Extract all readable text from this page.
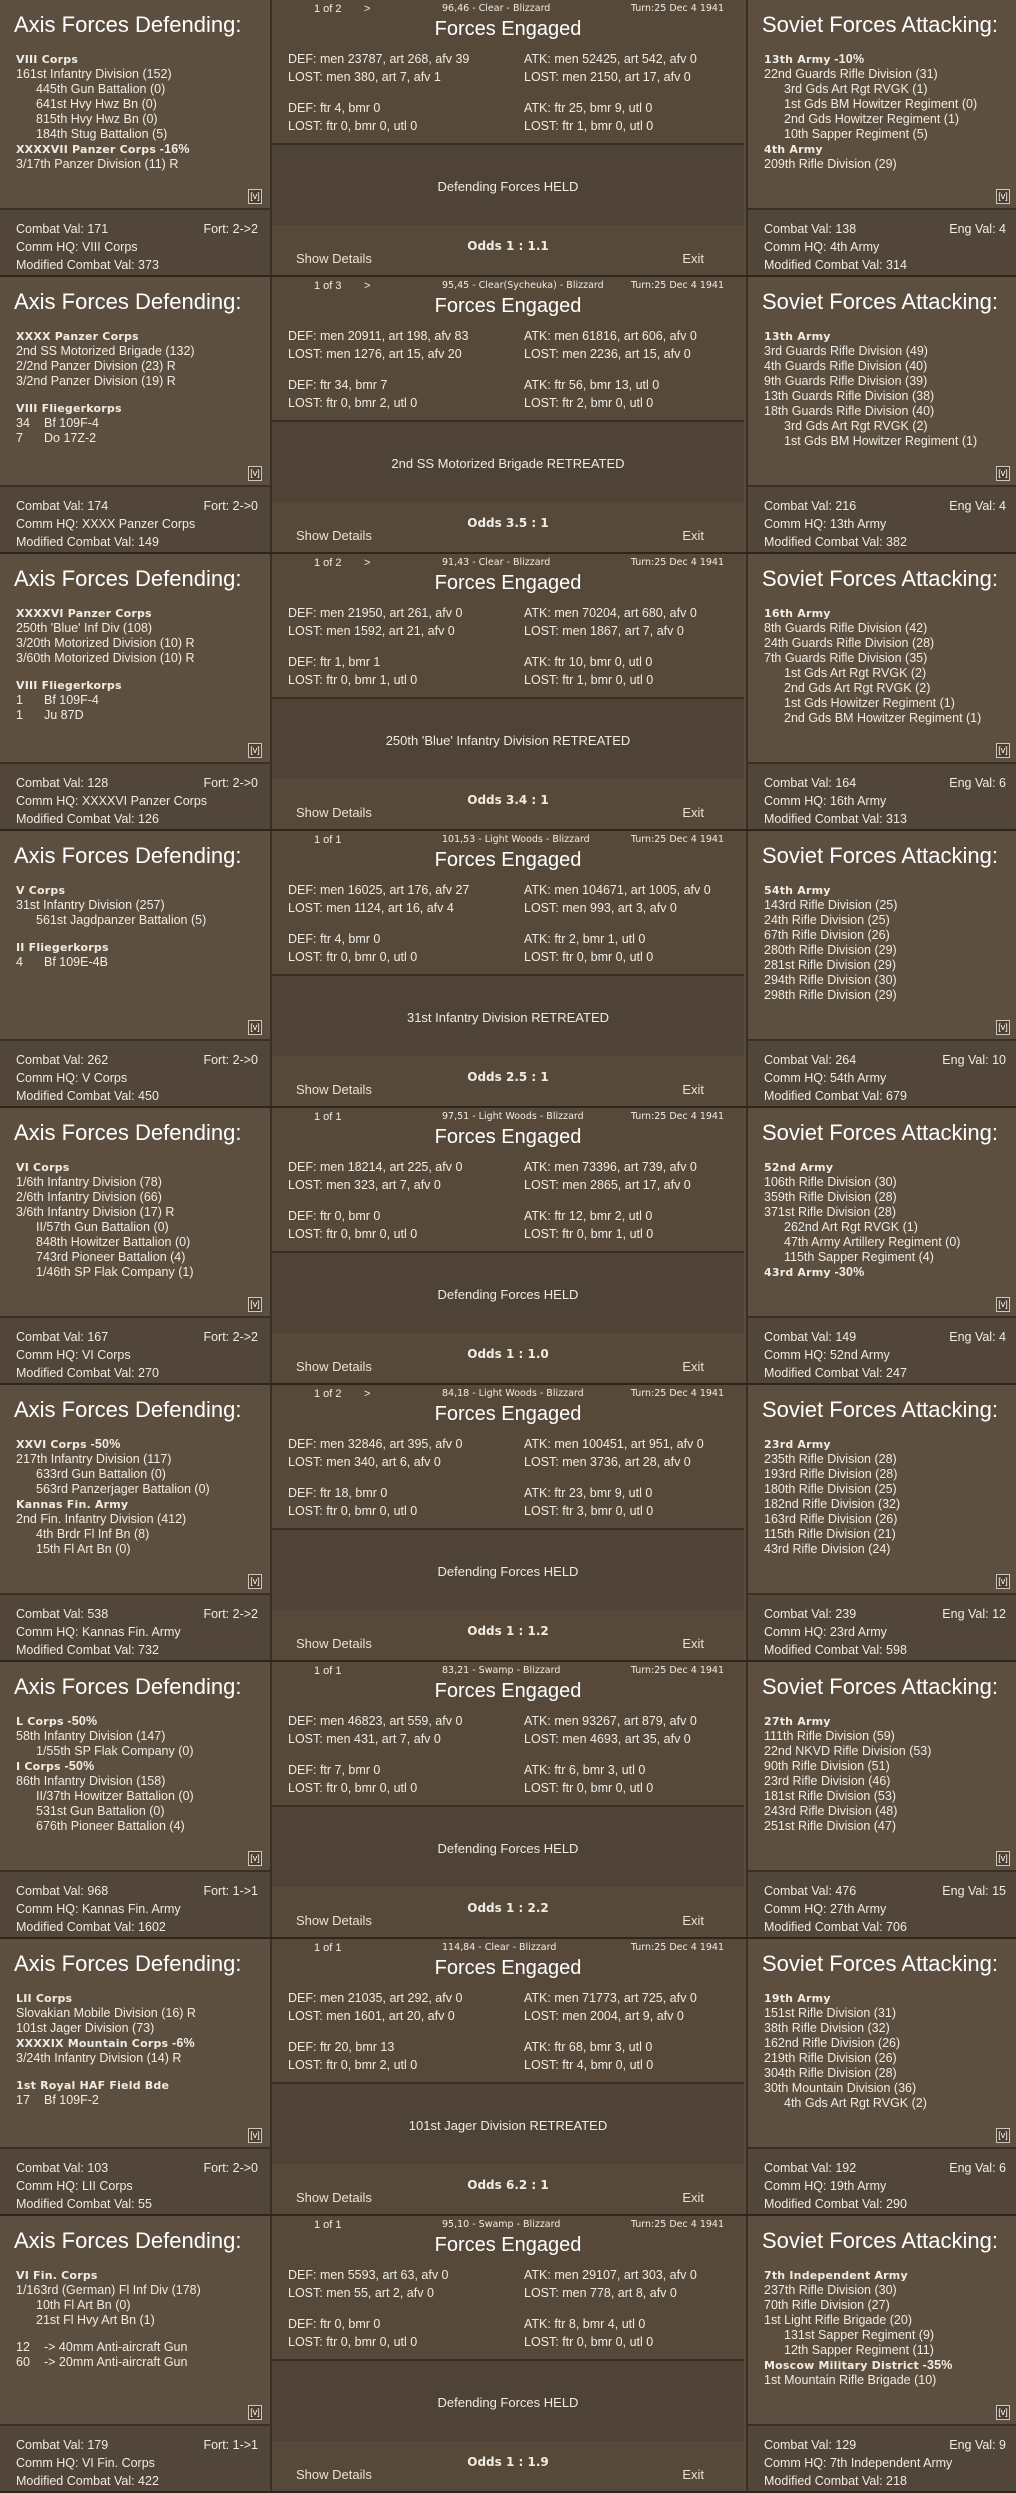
Axis Forces Defending:
VIII Corps
161st Infantry Division (152)
445th Gun Battalion (0)
641st Hvy Hwz Bn (0)
815th Hvy Hwz Bn (0)
184th Stug Battalion (5)
XXXXVII Panzer Corps -16%
3/17th Panzer Division (11) R
[v]
Combat Val: 171	Fort: 2->2
Comm HQ: VIII Corps
Modified Combat Val: 373
1 of 2 >	96,46 - Clear - Blizzard	Turn:25 Dec 4 1941
Forces Engaged
DEF: men 23787, art 268, afv 39	ATK: men 52425, art 542, afv 0
LOST: men 380, art 7, afv 1	LOST: men 2150, art 17, afv 0
DEF: ftr 4, bmr 0	ATK: ftr 25, bmr 9, utl 0
LOST: ftr 0, bmr 0, utl 0	LOST: ftr 1, bmr 0, utl 0
Defending Forces HELD
Show Details
Odds 1 : 1.1
Exit
Soviet Forces Attacking:
13th Army -10%
22nd Guards Rifle Division (31)
3rd Gds Art Rgt RVGK (1)
1st Gds BM Howitzer Regiment (0)
2nd Gds Howitzer Regiment (1)
10th Sapper Regiment (5)
4th Army
209th Rifle Division (29)
[v]
Combat Val: 138	Eng Val: 4
Comm HQ: 4th Army
Modified Combat Val: 314
Axis Forces Defending:
XXXX Panzer Corps
2nd SS Motorized Brigade (132)
2/2nd Panzer Division (23) R
3/2nd Panzer Division (19) R
VIII Fliegerkorps
34	Bf 109F-4
7	Do 17Z-2
[v]
Combat Val: 174	Fort: 2->0
Comm HQ: XXXX Panzer Corps
Modified Combat Val: 149
1 of 3 >	95,45 - Clear(Sycheuka) - Blizzard	Turn:25 Dec 4 1941
Forces Engaged
DEF: men 20911, art 198, afv 83	ATK: men 61816, art 606, afv 0
LOST: men 1276, art 15, afv 20	LOST: men 2236, art 15, afv 0
DEF: ftr 34, bmr 7	ATK: ftr 56, bmr 13, utl 0
LOST: ftr 0, bmr 2, utl 0	LOST: ftr 2, bmr 0, utl 0
2nd SS Motorized Brigade RETREATED
Show Details
Odds 3.5 : 1
Exit
Soviet Forces Attacking:
13th Army
3rd Guards Rifle Division (49)
4th Guards Rifle Division (40)
9th Guards Rifle Division (39)
13th Guards Rifle Division (38)
18th Guards Rifle Division (40)
3rd Gds Art Rgt RVGK (2)
1st Gds BM Howitzer Regiment (1)
[v]
Combat Val: 216	Eng Val: 4
Comm HQ: 13th Army
Modified Combat Val: 382
Axis Forces Defending:
XXXXVI Panzer Corps
250th 'Blue' Inf Div (108)
3/20th Motorized Division (10) R
3/60th Motorized Division (10) R
VIII Fliegerkorps
1	Bf 109F-4
1	Ju 87D
[v]
Combat Val: 128	Fort: 2->0
Comm HQ: XXXXVI Panzer Corps
Modified Combat Val: 126
1 of 2 >	91,43 - Clear - Blizzard	Turn:25 Dec 4 1941
Forces Engaged
DEF: men 21950, art 261, afv 0	ATK: men 70204, art 680, afv 0
LOST: men 1592, art 21, afv 0	LOST: men 1867, art 7, afv 0
DEF: ftr 1, bmr 1	ATK: ftr 10, bmr 0, utl 0
LOST: ftr 0, bmr 1, utl 0	LOST: ftr 1, bmr 0, utl 0
250th 'Blue' Infantry Division RETREATED
Show Details
Odds 3.4 : 1
Exit
Soviet Forces Attacking:
16th Army
8th Guards Rifle Division (42)
24th Guards Rifle Division (28)
7th Guards Rifle Division (35)
1st Gds Art Rgt RVGK (2)
2nd Gds Art Rgt RVGK (2)
1st Gds Howitzer Regiment (1)
2nd Gds BM Howitzer Regiment (1)
[v]
Combat Val: 164	Eng Val: 6
Comm HQ: 16th Army
Modified Combat Val: 313
Axis Forces Defending:
V Corps
31st Infantry Division (257)
561st Jagdpanzer Battalion (5)
II Fliegerkorps
4	Bf 109E-4B
[v]
Combat Val: 262	Fort: 2->0
Comm HQ: V Corps
Modified Combat Val: 450
1 of 1	101,53 - Light Woods - Blizzard	Turn:25 Dec 4 1941
Forces Engaged
DEF: men 16025, art 176, afv 27	ATK: men 104671, art 1005, afv 0
LOST: men 1124, art 16, afv 4	LOST: men 993, art 3, afv 0
DEF: ftr 4, bmr 0	ATK: ftr 2, bmr 1, utl 0
LOST: ftr 0, bmr 0, utl 0	LOST: ftr 0, bmr 0, utl 0
31st Infantry Division RETREATED
Show Details
Odds 2.5 : 1
Exit
Soviet Forces Attacking:
54th Army
143rd Rifle Division (25)
24th Rifle Division (25)
67th Rifle Division (26)
280th Rifle Division (29)
281st Rifle Division (29)
294th Rifle Division (30)
298th Rifle Division (29)
[v]
Combat Val: 264	Eng Val: 10
Comm HQ: 54th Army
Modified Combat Val: 679
Axis Forces Defending:
VI Corps
1/6th Infantry Division (78)
2/6th Infantry Division (66)
3/6th Infantry Division (17) R
II/57th Gun Battalion (0)
848th Howitzer Battalion (0)
743rd Pioneer Battalion (4)
1/46th SP Flak Company (1)
[v]
Combat Val: 167	Fort: 2->2
Comm HQ: VI Corps
Modified Combat Val: 270
1 of 1	97,51 - Light Woods - Blizzard	Turn:25 Dec 4 1941
Forces Engaged
DEF: men 18214, art 225, afv 0	ATK: men 73396, art 739, afv 0
LOST: men 323, art 7, afv 0	LOST: men 2865, art 17, afv 0
DEF: ftr 0, bmr 0	ATK: ftr 12, bmr 2, utl 0
LOST: ftr 0, bmr 0, utl 0	LOST: ftr 0, bmr 1, utl 0
Defending Forces HELD
Show Details
Odds 1 : 1.0
Exit
Soviet Forces Attacking:
52nd Army
106th Rifle Division (30)
359th Rifle Division (28)
371st Rifle Division (28)
262nd Art Rgt RVGK (1)
47th Army Artillery Regiment (0)
115th Sapper Regiment (4)
43rd Army -30%
[v]
Combat Val: 149	Eng Val: 4
Comm HQ: 52nd Army
Modified Combat Val: 247
Axis Forces Defending:
XXVI Corps -50%
217th Infantry Division (117)
633rd Gun Battalion (0)
563rd Panzerjager Battalion (0)
Kannas Fin. Army
2nd Fin. Infantry Division (412)
4th Brdr Fl Inf Bn (8)
15th Fl Art Bn (0)
[v]
Combat Val: 538	Fort: 2->2
Comm HQ: Kannas Fin. Army
Modified Combat Val: 732
1 of 2 >	84,18 - Light Woods - Blizzard	Turn:25 Dec 4 1941
Forces Engaged
DEF: men 32846, art 395, afv 0	ATK: men 100451, art 951, afv 0
LOST: men 340, art 6, afv 0	LOST: men 3736, art 28, afv 0
DEF: ftr 18, bmr 0	ATK: ftr 23, bmr 9, utl 0
LOST: ftr 0, bmr 0, utl 0	LOST: ftr 3, bmr 0, utl 0
Defending Forces HELD
Show Details
Odds 1 : 1.2
Exit
Soviet Forces Attacking:
23rd Army
235th Rifle Division (28)
193rd Rifle Division (28)
180th Rifle Division (25)
182nd Rifle Division (32)
163rd Rifle Division (26)
115th Rifle Division (21)
43rd Rifle Division (24)
[v]
Combat Val: 239	Eng Val: 12
Comm HQ: 23rd Army
Modified Combat Val: 598
Axis Forces Defending:
L Corps -50%
58th Infantry Division (147)
1/55th SP Flak Company (0)
I Corps -50%
86th Infantry Division (158)
II/37th Howitzer Battalion (0)
531st Gun Battalion (0)
676th Pioneer Battalion (4)
[v]
Combat Val: 968	Fort: 1->1
Comm HQ: Kannas Fin. Army
Modified Combat Val: 1602
1 of 1	83,21 - Swamp - Blizzard	Turn:25 Dec 4 1941
Forces Engaged
DEF: men 46823, art 559, afv 0	ATK: men 93267, art 879, afv 0
LOST: men 431, art 7, afv 0	LOST: men 4693, art 35, afv 0
DEF: ftr 7, bmr 0	ATK: ftr 6, bmr 3, utl 0
LOST: ftr 0, bmr 0, utl 0	LOST: ftr 0, bmr 0, utl 0
Defending Forces HELD
Show Details
Odds 1 : 2.2
Exit
Soviet Forces Attacking:
27th Army
111th Rifle Division (59)
22nd NKVD Rifle Division (53)
90th Rifle Division (51)
23rd Rifle Division (46)
181st Rifle Division (53)
243rd Rifle Division (48)
251st Rifle Division (47)
[v]
Combat Val: 476	Eng Val: 15
Comm HQ: 27th Army
Modified Combat Val: 706
Axis Forces Defending:
LII Corps
Slovakian Mobile Division (16) R
101st Jager Division (73)
XXXXIX Mountain Corps -6%
3/24th Infantry Division (14) R
1st Royal HAF Field Bde
17	Bf 109F-2
[v]
Combat Val: 103	Fort: 2->0
Comm HQ: LII Corps
Modified Combat Val: 55
1 of 1	114,84 - Clear - Blizzard	Turn:25 Dec 4 1941
Forces Engaged
DEF: men 21035, art 292, afv 0	ATK: men 71773, art 725, afv 0
LOST: men 1601, art 20, afv 0	LOST: men 2004, art 9, afv 0
DEF: ftr 20, bmr 13	ATK: ftr 68, bmr 3, utl 0
LOST: ftr 0, bmr 2, utl 0	LOST: ftr 4, bmr 0, utl 0
101st Jager Division RETREATED
Show Details
Odds 6.2 : 1
Exit
Soviet Forces Attacking:
19th Army
151st Rifle Division (31)
38th Rifle Division (32)
162nd Rifle Division (26)
219th Rifle Division (26)
304th Rifle Division (28)
30th Mountain Division (36)
4th Gds Art Rgt RVGK (2)
[v]
Combat Val: 192	Eng Val: 6
Comm HQ: 19th Army
Modified Combat Val: 290
Axis Forces Defending:
VI Fin. Corps
1/163rd (German) Fl Inf Div (178)
10th Fl Art Bn (0)
21st Fl Hvy Art Bn (1)
12	-> 40mm Anti-aircraft Gun
60	-> 20mm Anti-aircraft Gun
[v]
Combat Val: 179	Fort: 1->1
Comm HQ: VI Fin. Corps
Modified Combat Val: 422
1 of 1	95,10 - Swamp - Blizzard	Turn:25 Dec 4 1941
Forces Engaged
DEF: men 5593, art 63, afv 0	ATK: men 29107, art 303, afv 0
LOST: men 55, art 2, afv 0	LOST: men 778, art 8, afv 0
DEF: ftr 0, bmr 0	ATK: ftr 8, bmr 4, utl 0
LOST: ftr 0, bmr 0, utl 0	LOST: ftr 0, bmr 0, utl 0
Defending Forces HELD
Show Details
Odds 1 : 1.9
Exit
Soviet Forces Attacking:
7th Independent Army
237th Rifle Division (30)
70th Rifle Division (27)
1st Light Rifle Brigade (20)
131st Sapper Regiment (9)
12th Sapper Regiment (11)
Moscow Military District -35%
1st Mountain Rifle Brigade (10)
[v]
Combat Val: 129	Eng Val: 9
Comm HQ: 7th Independent Army
Modified Combat Val: 218
